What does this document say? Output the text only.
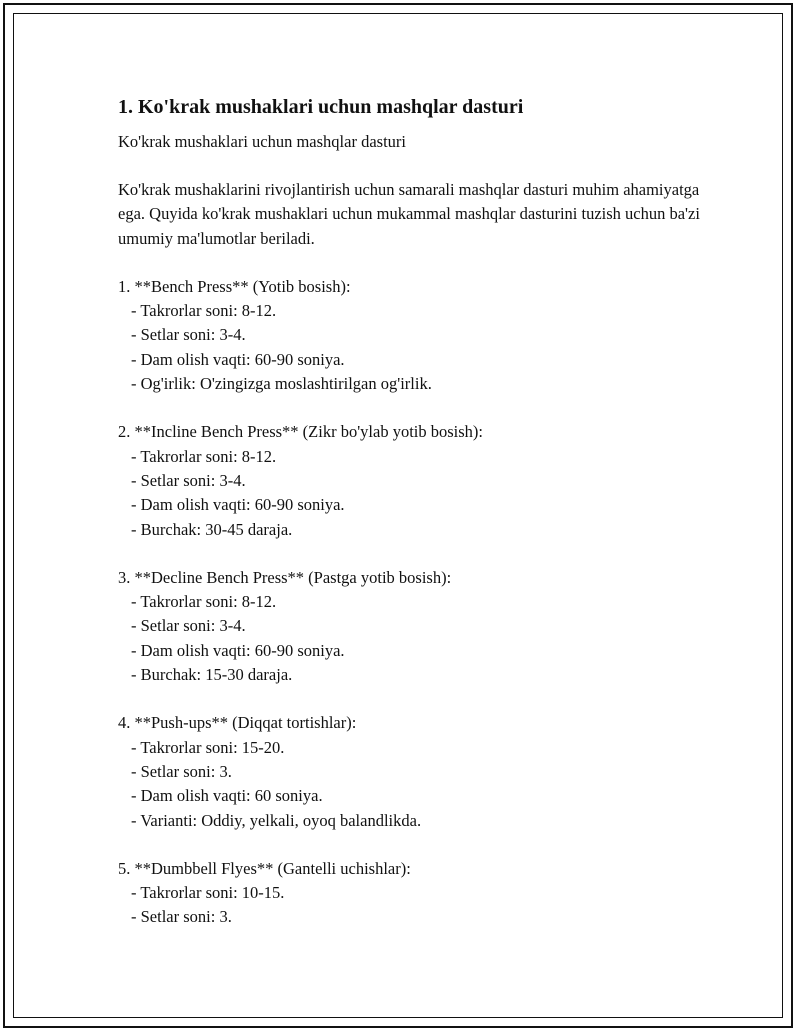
1. Ko'krak mushaklari uchun mashqlar dasturi
Ko'krak mushaklari uchun mashqlar dasturi
Ko'krak mushaklarini rivojlantirish uchun samarali mashqlar dasturi muhim ahamiyatga ega. Quyida ko'krak mushaklari uchun mukammal mashqlar dasturini tuzish uchun ba'zi umumiy ma'lumotlar beriladi.
1. **Bench Press** (Yotib bosish):
- Takrorlar soni: 8-12.
- Setlar soni: 3-4.
- Dam olish vaqti: 60-90 soniya.
- Og'irlik: O'zingizga moslashtirilgan og'irlik.
2. **Incline Bench Press** (Zikr bo'ylab yotib bosish):
- Takrorlar soni: 8-12.
- Setlar soni: 3-4.
- Dam olish vaqti: 60-90 soniya.
- Burchak: 30-45 daraja.
3. **Decline Bench Press** (Pastga yotib bosish):
- Takrorlar soni: 8-12.
- Setlar soni: 3-4.
- Dam olish vaqti: 60-90 soniya.
- Burchak: 15-30 daraja.
4. **Push-ups** (Diqqat tortishlar):
- Takrorlar soni: 15-20.
- Setlar soni: 3.
- Dam olish vaqti: 60 soniya.
- Varianti: Oddiy, yelkali, oyoq balandlikda.
5. **Dumbbell Flyes** (Gantelli uchishlar):
- Takrorlar soni: 10-15.
- Setlar soni: 3.
